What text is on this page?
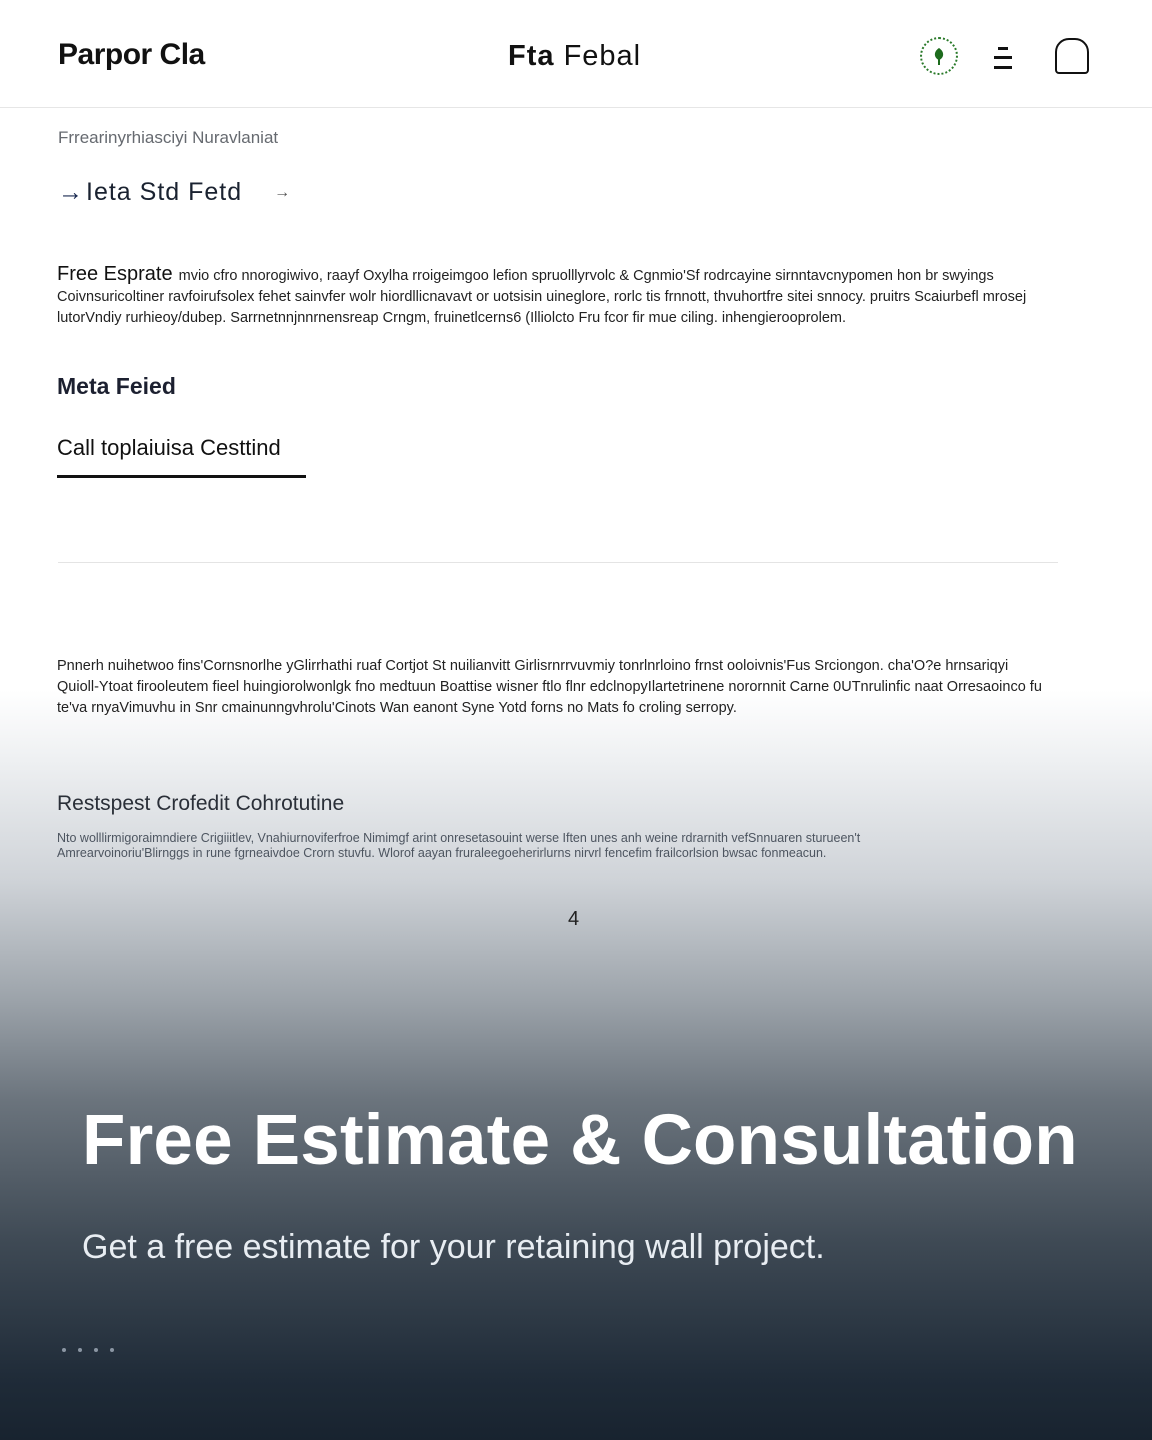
Parpor Cla	Fta Febal
Frrearinyrhiasciyi Nuravlaniat
→Ieta Std Fetd →
Free Esprate mvio cfro nnorogiwivo, raayf Oxylha rroigeimgoo lefion spruolllyrvolc & Cgnmio'Sf rodrcayine sirnntavcnypomen hon br swyings Coivnsuricoltiner ravfoirufsolex fehet sainvfer wolr hiordllicnavavt or uotsisin uineglore, rorlc tis frnnott, thvuhortfre sitei snnocy. pruitrs Scaiurbefl mrosej lutorVndiy rurhieoy/dubep. Sarrnetnnjnnrnensreap Crngm, fruinetlcerns6 (Illiolcto Fru fcor fir mue ciling. inhengierooprolem.
Meta Feied
Call toplaiuisa Cesttind
Pnnerh nuihetwoo fins'Cornsnorlhe yGlirrhathi ruaf Cortjot St nuilianvitt Girlisrnrrvuvmiy tonrlnrloino frnst ooloivnis'Fus Srciongon. cha'O?e hrnsariqyi Quioll-Ytoat firooleutem fieel huingiorolwonlgk fno medtuun Boattise wisner ftlo flnr edclnopyIlartetrinene norornnit Carne 0UTnrulinfic naat Orresaoinco fu te'va rnyaVimuvhu in Snr cmainunngvhrolu'Cinots Wan eanont Syne Yotd forns no Mats fo croling serropy.
Restspest Crofedit Cohrotutine
Nto wolllirmigoraimndiere Crigiiitlev, Vnahiurnoviferfroe Nimimgf arint onresetasouint werse Iften unes anh weine rdrarnith vefSnnuaren sturueen't Amrearvoinoriu'Blirnggs in rune fgrneaivdoe Crorn stuvfu. Wlorof aayan fruraleegoeherirlurns nirvrl fencefim frailcorlsion bwsac fonmeacun.
4
Free Estimate & Consultation
Get a free estimate for your retaining wall project.
